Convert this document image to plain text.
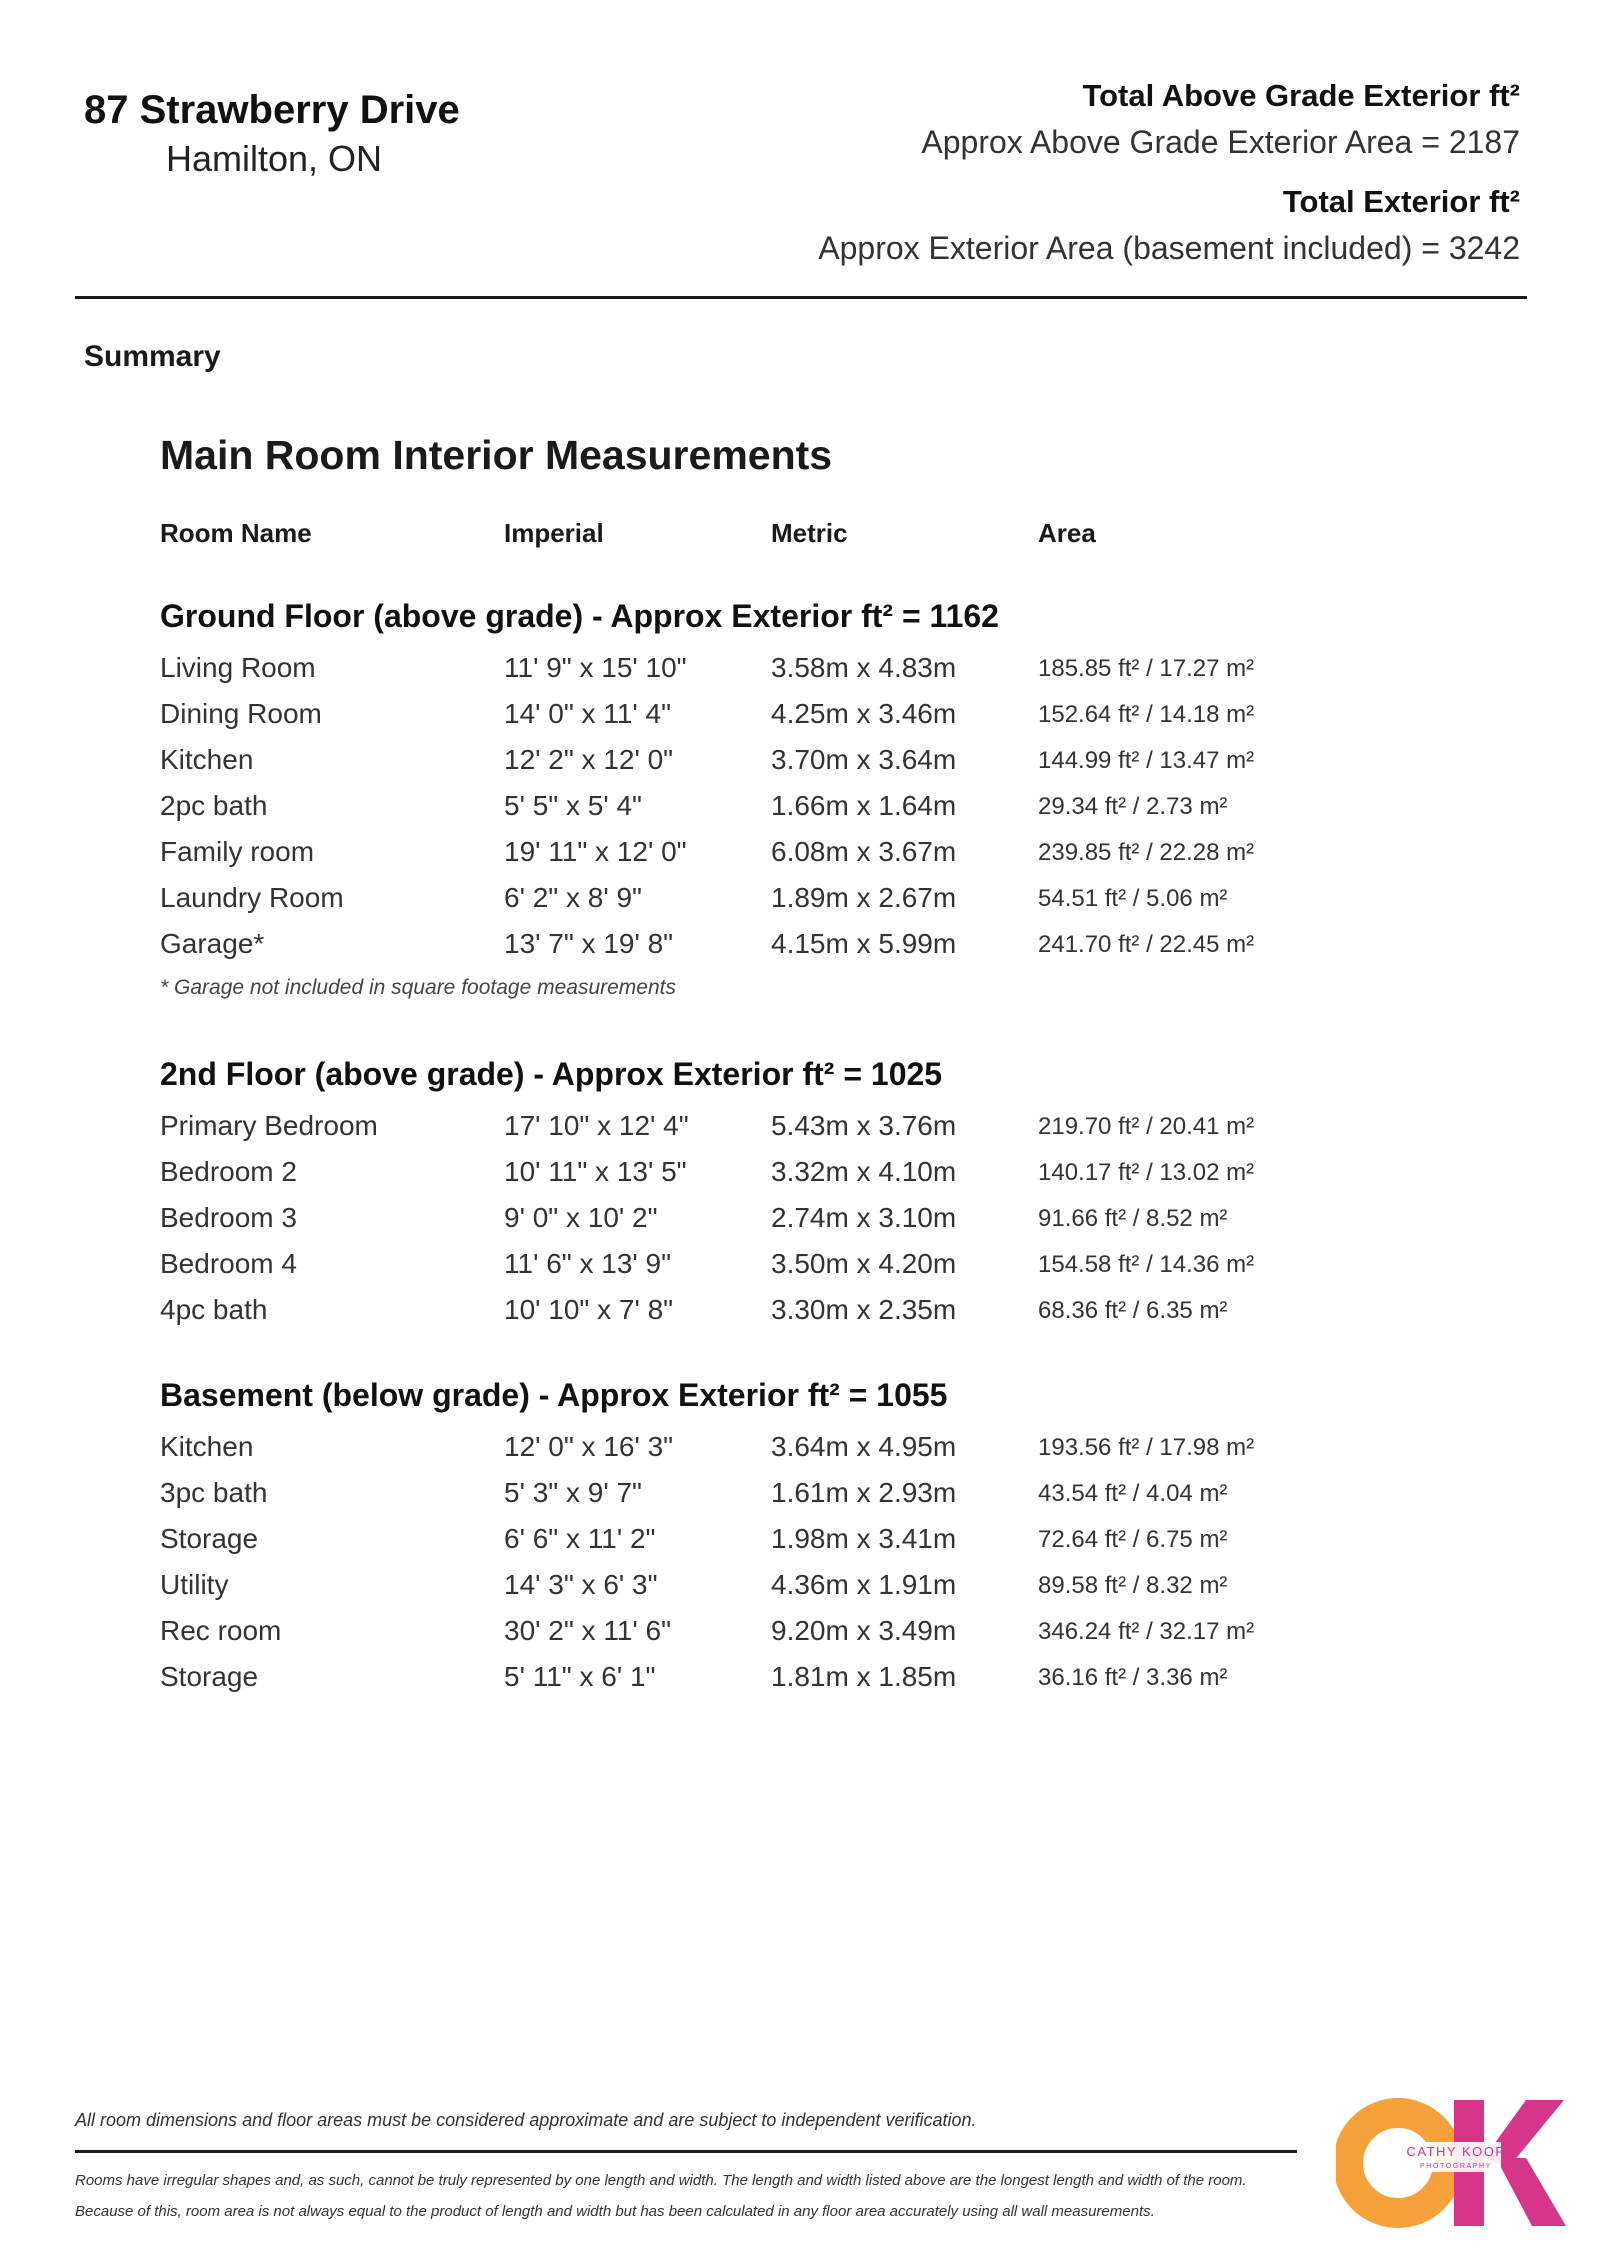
87 Strawberry Drive
Hamilton, ON
Total Above Grade Exterior ft²
Approx Above Grade Exterior Area = 2187
Total Exterior ft²
Approx Exterior Area (basement included) = 3242
Summary
Main Room Interior Measurements
Room Name	Imperial	Metric	Area
Ground Floor (above grade) - Approx Exterior ft² = 1162
Living Room	11' 9" x 15' 10"	3.58m x 4.83m	185.85 ft² / 17.27 m²
Dining Room	14' 0" x 11' 4"	4.25m x 3.46m	152.64 ft² / 14.18 m²
Kitchen	12' 2" x 12' 0"	3.70m x 3.64m	144.99 ft² / 13.47 m²
2pc bath	5' 5" x 5' 4"	1.66m x 1.64m	29.34 ft² / 2.73 m²
Family room	19' 11" x 12' 0"	6.08m x 3.67m	239.85 ft² / 22.28 m²
Laundry Room	6' 2" x 8' 9"	1.89m x 2.67m	54.51 ft² / 5.06 m²
Garage*	13' 7" x 19' 8"	4.15m x 5.99m	241.70 ft² / 22.45 m²
* Garage not included in square footage measurements
2nd Floor (above grade) - Approx Exterior ft² = 1025
Primary Bedroom	17' 10" x 12' 4"	5.43m x 3.76m	219.70 ft² / 20.41 m²
Bedroom 2	10' 11" x 13' 5"	3.32m x 4.10m	140.17 ft² / 13.02 m²
Bedroom 3	9' 0" x 10' 2"	2.74m x 3.10m	91.66 ft² / 8.52 m²
Bedroom 4	11' 6" x 13' 9"	3.50m x 4.20m	154.58 ft² / 14.36 m²
4pc bath	10' 10" x 7' 8"	3.30m x 2.35m	68.36 ft² / 6.35 m²
Basement (below grade) - Approx Exterior ft² = 1055
Kitchen	12' 0" x 16' 3"	3.64m x 4.95m	193.56 ft² / 17.98 m²
3pc bath	5' 3" x 9' 7"	1.61m x 2.93m	43.54 ft² / 4.04 m²
Storage	6' 6" x 11' 2"	1.98m x 3.41m	72.64 ft² / 6.75 m²
Utility	14' 3" x 6' 3"	4.36m x 1.91m	89.58 ft² / 8.32 m²
Rec room	30' 2" x 11' 6"	9.20m x 3.49m	346.24 ft² / 32.17 m²
Storage	5' 11" x 6' 1"	1.81m x 1.85m	36.16 ft² / 3.36 m²
All room dimensions and floor areas must be considered approximate and are subject to independent verification.
Rooms have irregular shapes and, as such, cannot be truly represented by one length and width. The length and width listed above are the longest length and width of the room.
Because of this, room area is not always equal to the product of length and width but has been calculated in any floor area accurately using all wall measurements.
CATHY KOOP
PHOTOGRAPHY
